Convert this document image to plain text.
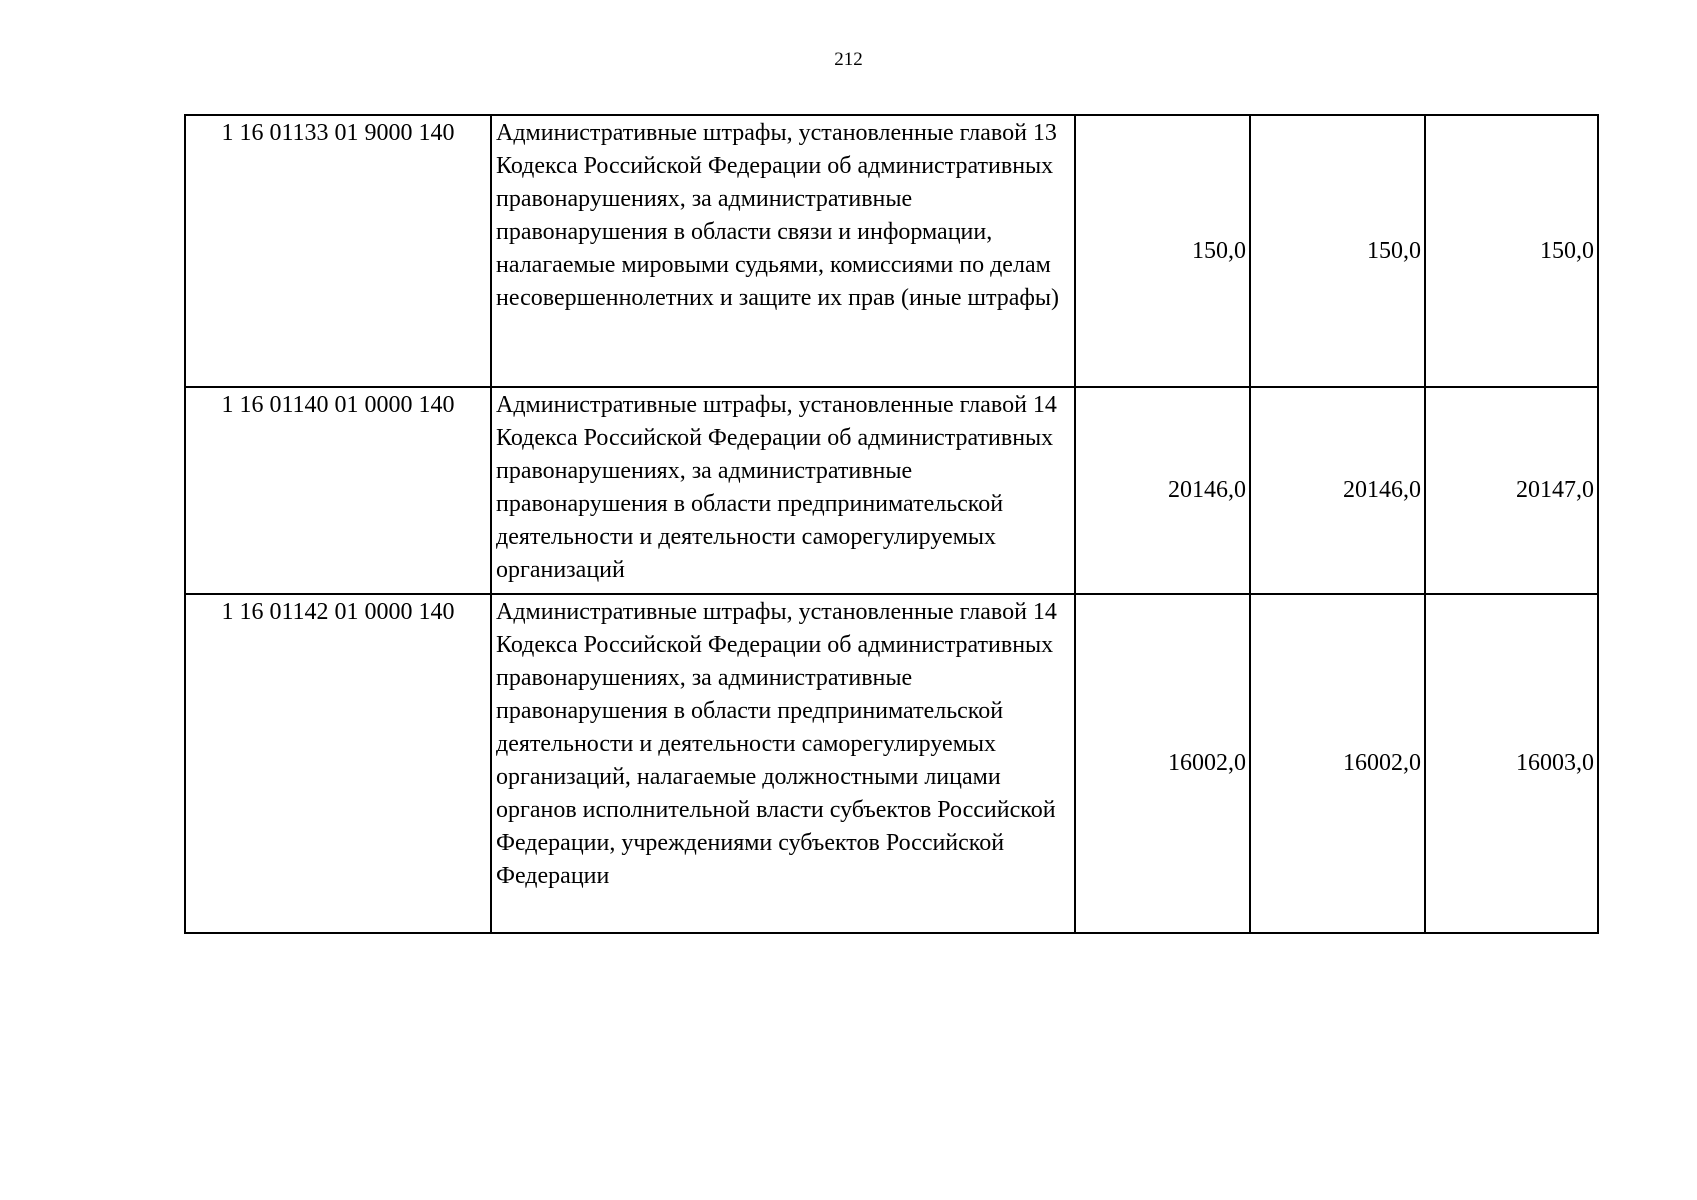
212
1 16 01133 01 9000 140	Административные штрафы, установленные главой 13 Кодекса Российской Федерации об административных правонарушениях, за административные правонарушения в области связи и информации, налагаемые мировыми судьями, комиссиями по делам несовершеннолетних и защите их прав (иные штрафы)	150,0	150,0	150,0
1 16 01140 01 0000 140	Административные штрафы, установленные главой 14 Кодекса Российской Федерации об административных правонарушениях, за административные правонарушения в области предпринимательской деятельности и деятельности саморегулируемых организаций	20146,0	20146,0	20147,0
1 16 01142 01 0000 140	Административные штрафы, установленные главой 14 Кодекса Российской Федерации об административных правонарушениях, за административные правонарушения в области предпринимательской деятельности и деятельности саморегулируемых организаций, налагаемые должностными лицами органов исполнительной власти субъектов Российской Федерации, учреждениями субъектов Российской Федерации	16002,0	16002,0	16003,0
